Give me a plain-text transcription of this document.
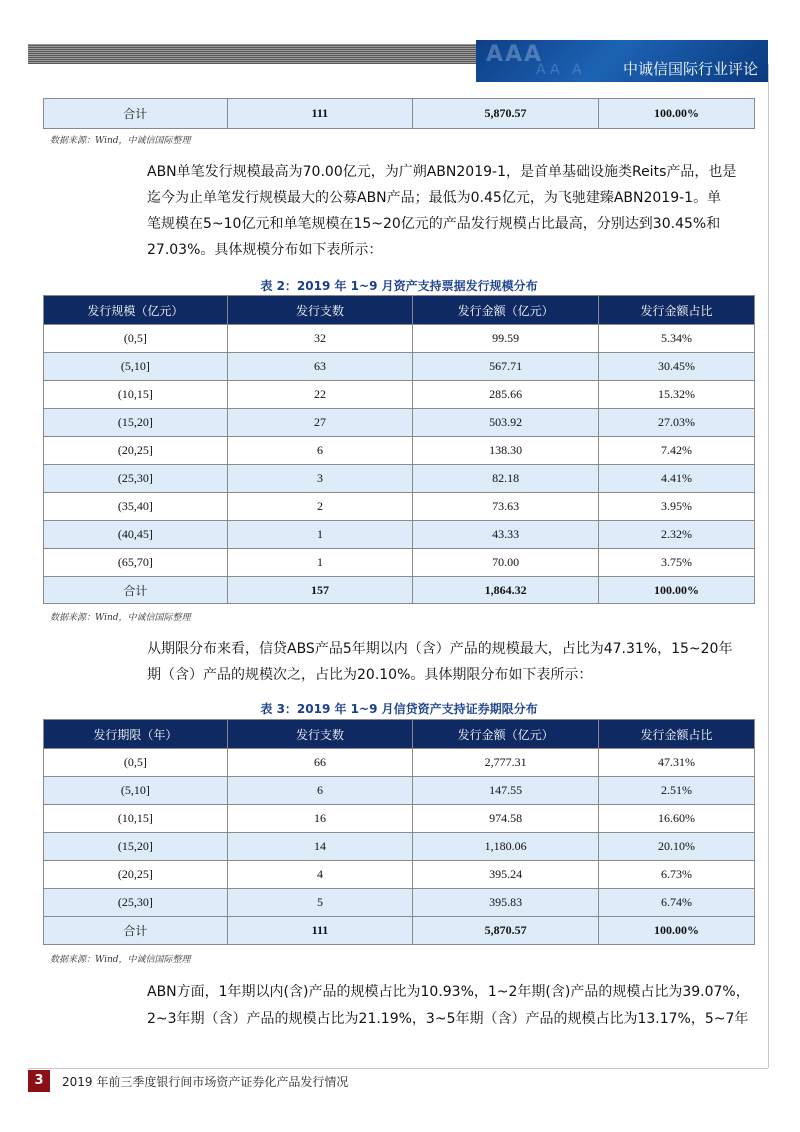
AAA
AA A 中诚信国际行业评论
合计	111	5,870.57	100.00%
数据来源：Wind，中诚信国际整理
ABN单笔发行规模最高为70.00亿元，为广朔ABN2019-1，是首单基础设施类Reits产品，也是
迄今为止单笔发行规模最大的公募ABN产品；最低为0.45亿元，为飞驰建臻ABN2019-1。单
笔规模在5~10亿元和单笔规模在15~20亿元的产品发行规模占比最高，分别达到30.45%和
27.03%。具体规模分布如下表所示：
表 2：2019 年 1~9 月资产支持票据发行规模分布
发行规模（亿元）	发行支数	发行金额（亿元）	发行金额占比
(0,5]	32	99.59	5.34%
(5,10]	63	567.71	30.45%
(10,15]	22	285.66	15.32%
(15,20]	27	503.92	27.03%
(20,25]	6	138.30	7.42%
(25,30]	3	82.18	4.41%
(35,40]	2	73.63	3.95%
(40,45]	1	43.33	2.32%
(65,70]	1	70.00	3.75%
合计	157	1,864.32	100.00%
数据来源：Wind，中诚信国际整理
从期限分布来看，信贷ABS产品5年期以内（含）产品的规模最大，占比为47.31%，15~20年
期（含）产品的规模次之，占比为20.10%。具体期限分布如下表所示：
表 3：2019 年 1~9 月信贷资产支持证券期限分布
发行期限（年）	发行支数	发行金额（亿元）	发行金额占比
(0,5]	66	2,777.31	47.31%
(5,10]	6	147.55	2.51%
(10,15]	16	974.58	16.60%
(15,20]	14	1,180.06	20.10%
(20,25]	4	395.24	6.73%
(25,30]	5	395.83	6.74%
合计	111	5,870.57	100.00%
数据来源：Wind，中诚信国际整理
ABN方面，1年期以内(含)产品的规模占比为10.93%，1~2年期(含)产品的规模占比为39.07%，
2~3年期（含）产品的规模占比为21.19%，3~5年期（含）产品的规模占比为13.17%，5~7年
3	2019 年前三季度银行间市场资产证券化产品发行情况
